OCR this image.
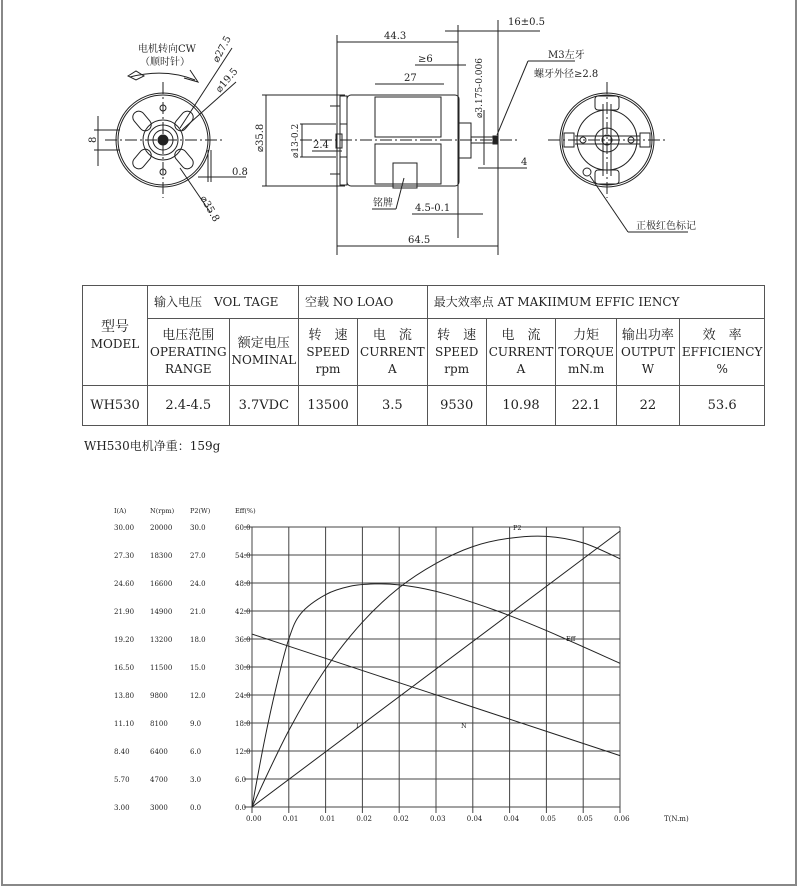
电机转向CW
（顺时针） ⌀27.5
⌀19.5
⌀35.8
8
0.8
⌀35.8
44.3
16±0.5
≥6
27	⌀3.175-0.006
⌀13-0.2 2.4
4
4.5-0.1
铭牌
64.5
M3左牙
螺牙外径≥2.8
正极红色标记
型号
MODEL	输入电压　VOL TAGE		空载 NO LOAO		最大效率点 AT MAKIIMUM EFFIC IENCY				

	电压范围
OPERATING
RANGE	额定电压
NOMINAL	转　速
SPEED
rpm	电　流
CURRENT
A	转　速
SPEED
rpm	电　流
CURRENT
A	力矩
TORQUE
mN.m	输出功率
OUTPUT
W	效　率
EFFICIENCY
%

WH530	2.4-4.5	3.7VDC	13500	3.5	9530	10.98	22.1	22	53.6
WH530电机净重：159g
I(A)
3.00
5.70
8.40
11.10
13.80
16.50
19.20
21.90
24.60
27.30
30.00
N(rpm)
3000
4700
6400
8100
9800
11500
13200
14900
16600
18300
20000
P2(W)
0.0
3.0
6.0
9.0
12.0
15.0
18.0
21.0
24.0
27.0
30.0
Eff(%)
0.0
6.0
12.0
18.0
24.0
30.0
36.0
42.0
48.0
54.0
60.0
I	N
P2
Eff
0.00	0.01	0.01	0.02	0.02	0.03	0.04	0.04	0.05	0.05	0.06	T(N.m)
